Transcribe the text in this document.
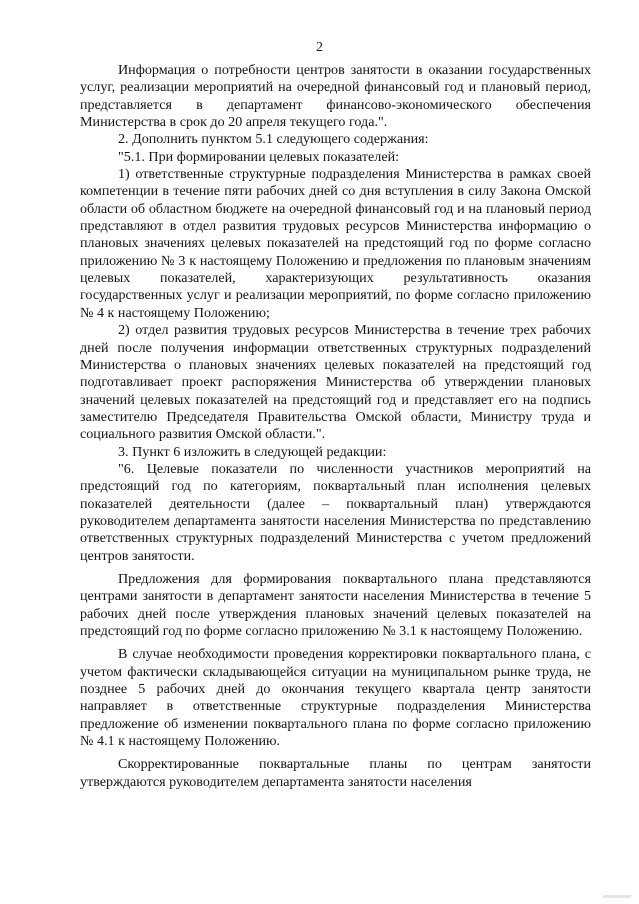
2

Информация о потребности центров занятости в оказании государственных услуг, реализации мероприятий на очередной финансовый год и плановый период, представляется в департамент финансово-экономического обеспечения Министерства в срок до 20 апреля текущего года.".

2. Дополнить пунктом 5.1 следующего содержания:

"5.1. При формировании целевых показателей:

1) ответственные структурные подразделения Министерства в рамках своей компетенции в течение пяти рабочих дней со дня вступления в силу Закона Омской области об областном бюджете на очередной финансовый год и на плановый период представляют в отдел развития трудовых ресурсов Министерства информацию о плановых значениях целевых показателей на предстоящий год по форме согласно приложению № 3 к настоящему Положению и предложения по плановым значениям целевых показателей, характеризующих результативность оказания государственных услуг и реализации мероприятий, по форме согласно приложению № 4 к настоящему Положению;

2) отдел развития трудовых ресурсов Министерства в течение трех рабочих дней после получения информации ответственных структурных подразделений Министерства о плановых значениях целевых показателей на предстоящий год подготавливает проект распоряжения Министерства об утверждении плановых значений целевых показателей на предстоящий год и представляет его на подпись заместителю Председателя Правительства Омской области, Министру труда и социального развития Омской области.".

3. Пункт 6 изложить в следующей редакции:

"6. Целевые показатели по численности участников мероприятий на предстоящий год по категориям, поквартальный план исполнения целевых показателей деятельности (далее – поквартальный план) утверждаются руководителем департамента занятости населения Министерства по представлению ответственных структурных подразделений Министерства с учетом предложений центров занятости.

Предложения для формирования поквартального плана представляются центрами занятости в департамент занятости населения Министерства в течение 5 рабочих дней после утверждения плановых значений целевых показателей на предстоящий год по форме согласно приложению № 3.1 к настоящему Положению.

В случае необходимости проведения корректировки поквартального плана, с учетом фактически складывающейся ситуации на муниципальном рынке труда, не позднее 5 рабочих дней до окончания текущего квартала центр занятости направляет в ответственные структурные подразделения Министерства предложение об изменении поквартального плана по форме согласно приложению № 4.1 к настоящему Положению.

Скорректированные поквартальные планы по центрам занятости утверждаются руководителем департамента занятости населения
